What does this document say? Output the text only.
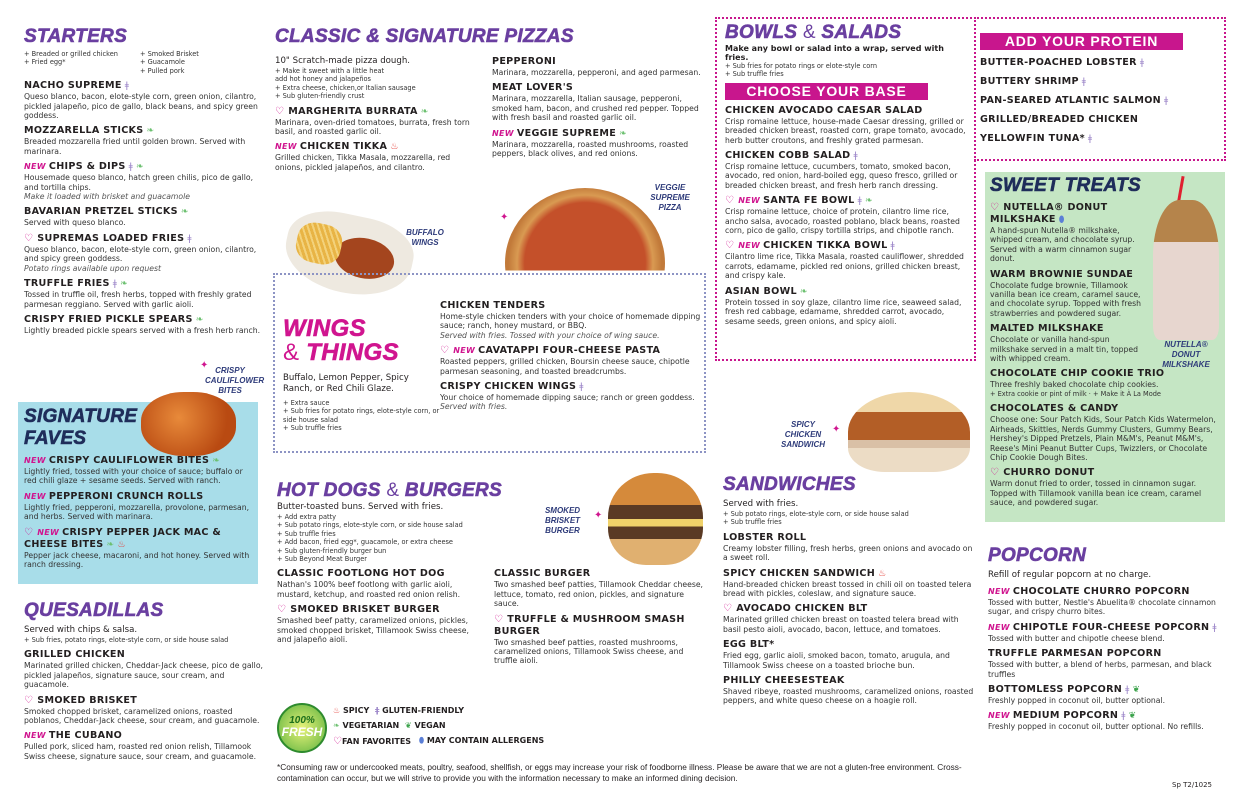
STARTERS
+ Breaded or grilled chicken
+ Fried egg*
+ Smoked Brisket
+ Guacamole
+ Pulled pork
NACHO SUPREME ǂ
Queso blanco, bacon, elote-style corn, green onion, cilantro, pickled jalapeño, pico de gallo, black beans, and spicy green goddess.
MOZZARELLA STICKS ❧
Breaded mozzarella fried until golden brown. Served with marinara.
NEW CHIPS & DIPS ǂ ❧
Housemade queso blanco, hatch green chilis, pico de gallo, and tortilla chips.
Make it loaded with brisket and guacamole
BAVARIAN PRETZEL STICKS ❧
Served with queso blanco.
♡ SUPREMAS LOADED FRIES ǂ
Queso blanco, bacon, elote-style corn, green onion, cilantro, and spicy green goddess.
Potato rings available upon request
TRUFFLE FRIES ǂ ❧
Tossed in truffle oil, fresh herbs, topped with freshly grated parmesan reggiano. Served with garlic aioli.
CRISPY FRIED PICKLE SPEARS ❧
Lightly breaded pickle spears served with a fresh herb ranch.
SIGNATURE
FAVES
NEW CRISPY CAULIFLOWER BITES ❧
Lightly fried, tossed with your choice of sauce; buffalo or red chili glaze + sesame seeds. Served with ranch.
NEW PEPPERONI CRUNCH ROLLS
Lightly fried, pepperoni, mozzarella, provolone, parmesan, and herbs. Served with marinara.
♡ NEW CRISPY PEPPER JACK MAC & CHEESE BITES ❧ ♨
Pepper jack cheese, macaroni, and hot honey. Served with ranch dressing.
CRISPY CAULIFLOWER BITES
✦
QUESADILLAS
Served with chips & salsa.
+ Sub fries, potato rings, elote-style corn, or side house salad
GRILLED CHICKEN
Marinated grilled chicken, Cheddar-Jack cheese, pico de gallo, pickled jalapeños, signature sauce, sour cream, and guacamole.
♡ SMOKED BRISKET
Smoked chopped brisket, caramelized onions, roasted poblanos, Cheddar-Jack cheese, sour cream, and guacamole.
NEW THE CUBANO
Pulled pork, sliced ham, roasted red onion relish, Tillamook Swiss cheese, signature sauce, sour cream, and guacamole.
CLASSIC & SIGNATURE PIZZAS
10" Scratch-made pizza dough.
+ Make it sweet with a little heat
add hot honey and jalapeños
+ Extra cheese, chicken,or Italian sausage
+ Sub gluten-friendly crust
♡ MARGHERITA BURRATA ❧
Marinara, oven-dried tomatoes, burrata, fresh torn basil, and roasted garlic oil.
NEW CHICKEN TIKKA ♨
Grilled chicken, Tikka Masala, mozzarella, red onions, pickled jalapeños, and cilantro.
PEPPERONI
Marinara, mozzarella, pepperoni, and aged parmesan.
MEAT LOVER'S
Marinara, mozzarella, Italian sausage, pepperoni, smoked ham, bacon, and crushed red pepper. Topped with fresh basil and roasted garlic oil.
NEW VEGGIE SUPREME ❧
Marinara, mozzarella, roasted mushrooms, roasted peppers, black olives, and red onions.
BUFFALO WINGS
VEGGIE SUPREME PIZZA
✦
WINGS
& THINGS
Buffalo, Lemon Pepper, Spicy Ranch, or Red Chili Glaze.
+ Extra sauce
+ Sub fries for potato rings, elote-style corn, or side house salad
+ Sub truffle fries
CHICKEN TENDERS
Home-style chicken tenders with your choice of homemade dipping sauce; ranch, honey mustard, or BBQ.
Served with fries. Tossed with your choice of wing sauce.
♡ NEW CAVATAPPI FOUR-CHEESE PASTA
Roasted peppers, grilled chicken, Boursin cheese sauce, chipotle parmesan seasoning, and toasted breadcrumbs.
CRISPY CHICKEN WINGS ǂ
Your choice of homemade dipping sauce; ranch or green goddess.
Served with fries.
HOT DOGS & BURGERS
Butter-toasted buns. Served with fries.
+ Add extra patty
+ Sub potato rings, elote-style corn, or side house salad
+ Sub truffle fries
+ Add bacon, fried egg*, guacamole, or extra cheese
+ Sub gluten-friendly burger bun
+ Sub Beyond Meat Burger
CLASSIC FOOTLONG HOT DOG
Nathan's 100% beef footlong with garlic aioli, mustard, ketchup, and roasted red onion relish.
♡ SMOKED BRISKET BURGER
Smashed beef patty, caramelized onions, pickles, smoked chopped brisket, Tillamook Swiss cheese, and jalapeño aioli.
CLASSIC BURGER
Two smashed beef patties, Tillamook Cheddar cheese, lettuce, tomato, red onion, pickles, and signature sauce.
♡ TRUFFLE & MUSHROOM SMASH BURGER
Two smashed beef patties, roasted mushrooms, caramelized onions, Tillamook Swiss cheese, and truffle aioli.
SMOKED BRISKET BURGER
✦
100%
FRESH
♨ SPICY ǂ GLUTEN-FRIENDLY
❧ VEGETARIAN ❦ VEGAN
♡FAN FAVORITES ⬮ MAY CONTAIN ALLERGENS
*Consuming raw or undercooked meats, poultry, seafood, shellfish, or eggs may increase your risk of foodborne illness. Please be aware that we are not a gluten-free environment. Cross-contamination can occur, but we will strive to provide you with the information necessary to make an informed dining decision.
BOWLS & SALADS
Make any bowl or salad into a wrap, served with fries.
+ Sub fries for potato rings or elote-style corn
+ Sub truffle fries
CHOOSE YOUR BASE
CHICKEN AVOCADO CAESAR SALAD
Crisp romaine lettuce, house-made Caesar dressing, grilled or breaded chicken breast, roasted corn, grape tomato, avocado, herb butter croutons, and freshly grated parmesan.
CHICKEN COBB SALAD ǂ
Crisp romaine lettuce, cucumbers, tomato, smoked bacon, avocado, red onion, hard-boiled egg, queso fresco, grilled or breaded chicken breast, and fresh herb ranch dressing.
♡ NEW SANTA FE BOWL ǂ ❧
Crisp romaine lettuce, choice of protein, cilantro lime rice, ancho salsa, avocado, roasted poblano, black beans, roasted corn, pico de gallo, crispy tortilla strips, and chipotle ranch.
♡ NEW CHICKEN TIKKA BOWL ǂ
Cilantro lime rice, Tikka Masala, roasted cauliflower, shredded carrots, edamame, pickled red onions, grilled chicken breast, and crispy kale.
ASIAN BOWL ❧
Protein tossed in soy glaze, cilantro lime rice, seaweed salad, fresh red cabbage, edamame, shredded carrot, avocado, sesame seeds, green onions, and spicy aioli.
ADD YOUR PROTEIN
BUTTER-POACHED LOBSTER ǂ
BUTTERY SHRIMP ǂ
PAN-SEARED ATLANTIC SALMON ǂ
GRILLED/BREADED CHICKEN
YELLOWFIN TUNA* ǂ
SPICY CHICKEN SANDWICH
✦
SANDWICHES
Served with fries.
+ Sub potato rings, elote-style corn, or side house salad
+ Sub truffle fries
LOBSTER ROLL
Creamy lobster filling, fresh herbs, green onions and avocado on a sweet roll.
SPICY CHICKEN SANDWICH ♨
Hand-breaded chicken breast tossed in chili oil on toasted telera bread with pickles, coleslaw, and signature sauce.
♡ AVOCADO CHICKEN BLT
Marinated grilled chicken breast on toasted telera bread with basil pesto aioli, avocado, bacon, lettuce, and tomatoes.
EGG BLT*
Fried egg, garlic aioli, smoked bacon, tomato, arugula, and Tillamook Swiss cheese on a toasted brioche bun.
PHILLY CHEESESTEAK
Shaved ribeye, roasted mushrooms, caramelized onions, roasted peppers, and white queso cheese on a hoagie roll.
NUTELLA® DONUT MILKSHAKE
SWEET TREATS
♡ NUTELLA® DONUT MILKSHAKE ⬮
A hand-spun Nutella® milkshake, whipped cream, and chocolate syrup. Served with a warm cinnamon sugar donut.
WARM BROWNIE SUNDAE
Chocolate fudge brownie, Tillamook vanilla bean ice cream, caramel sauce, and chocolate syrup. Topped with fresh strawberries and powdered sugar.
MALTED MILKSHAKE
Chocolate or vanilla hand-spun milkshake served in a malt tin, topped with whipped cream.
CHOCOLATE CHIP COOKIE TRIO
Three freshly baked chocolate chip cookies.
+ Extra cookie or pint of milk · + Make it À La Mode
CHOCOLATES & CANDY
Choose one: Sour Patch Kids, Sour Patch Kids Watermelon, Airheads, Skittles, Nerds Gummy Clusters, Gummy Bears, Hershey's Dipped Pretzels, Plain M&M's, Peanut M&M's, Reese's Mini Peanut Butter Cups, Twizzlers, or Chocolate Chip Cookie Dough Bites.
♡ CHURRO DONUT
Warm donut fried to order, tossed in cinnamon sugar. Topped with Tillamook vanilla bean ice cream, caramel sauce, and powdered sugar.
POPCORN
Refill of regular popcorn at no charge.
NEW CHOCOLATE CHURRO POPCORN
Tossed with butter, Nestle's Abuelita® chocolate cinnamon sugar, and crispy churro bites.
NEW CHIPOTLE FOUR-CHEESE POPCORN ǂ
Tossed with butter and chipotle cheese blend.
TRUFFLE PARMESAN POPCORN
Tossed with butter, a blend of herbs, parmesan, and black truffles
BOTTOMLESS POPCORN ǂ ❦
Freshly popped in coconut oil, butter optional.
NEW MEDIUM POPCORN ǂ ❦
Freshly popped in coconut oil, butter optional. No refills.
Sp T2/1025
